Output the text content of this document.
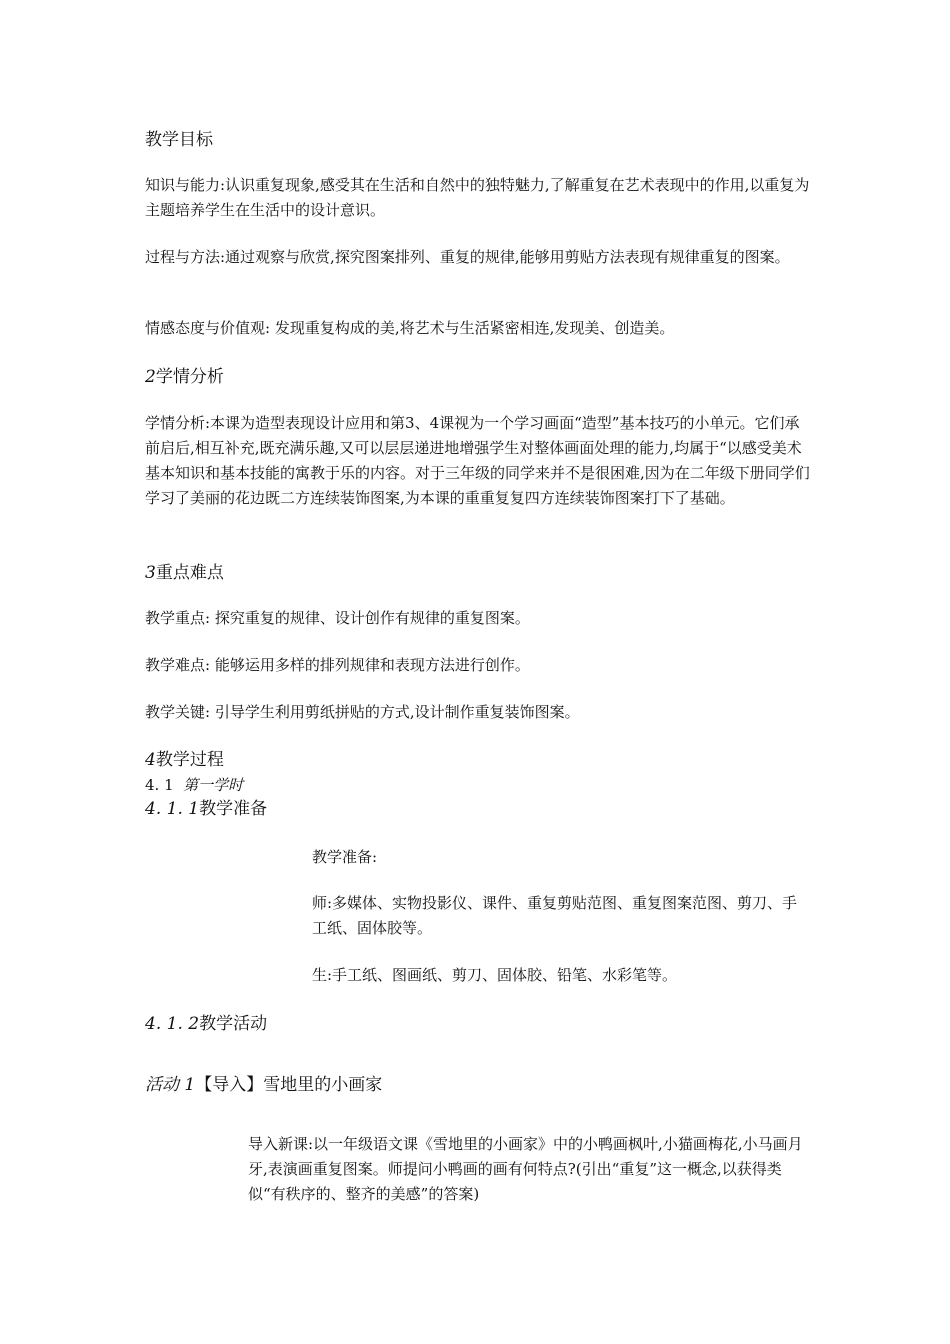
教学目标

知识与能力:认识重复现象,感受其在生活和自然中的独特魅力,了解重复在艺术表现中的作用,以重复为主题培养学生在生活中的设计意识。

过程与方法:通过观察与欣赏,探究图案排列、重复的规律,能够用剪贴方法表现有规律重复的图案。

情感态度与价值观: 发现重复构成的美,将艺术与生活紧密相连,发现美、创造美。

2学情分析

学情分析:本课为造型表现设计应用和第3、4课视为一个学习画面“造型”基本技巧的小单元。它们承前启后,相互补充,既充满乐趣,又可以层层递进地增强学生对整体画面处理的能力,均属于“以感受美术基本知识和基本技能的寓教于乐的内容。对于三年级的同学来并不是很困难,因为在二年级下册同学们学习了美丽的花边既二方连续装饰图案,为本课的重重复复四方连续装饰图案打下了基础。

3重点难点

教学重点: 探究重复的规律、设计创作有规律的重复图案。

教学难点: 能够运用多样的排列规律和表现方法进行创作。

教学关键: 引导学生利用剪纸拼贴的方式,设计制作重复装饰图案。

4教学过程
4. 1 第一学时
4. 1. 1教学准备

教学准备:

师:多媒体、实物投影仪、课件、重复剪贴范图、重复图案范图、剪刀、手工纸、固体胶等。

生:手工纸、图画纸、剪刀、固体胶、铅笔、水彩笔等。

4. 1. 2教学活动
活动 1【导入】雪地里的小画家

导入新课:以一年级语文课《雪地里的小画家》中的小鸭画枫叶,小猫画梅花,小马画月牙,表演画重复图案。师提问小鸭画的画有何特点?(引出“重复”这一概念,以获得类似“有秩序的、整齐的美感”的答案)
